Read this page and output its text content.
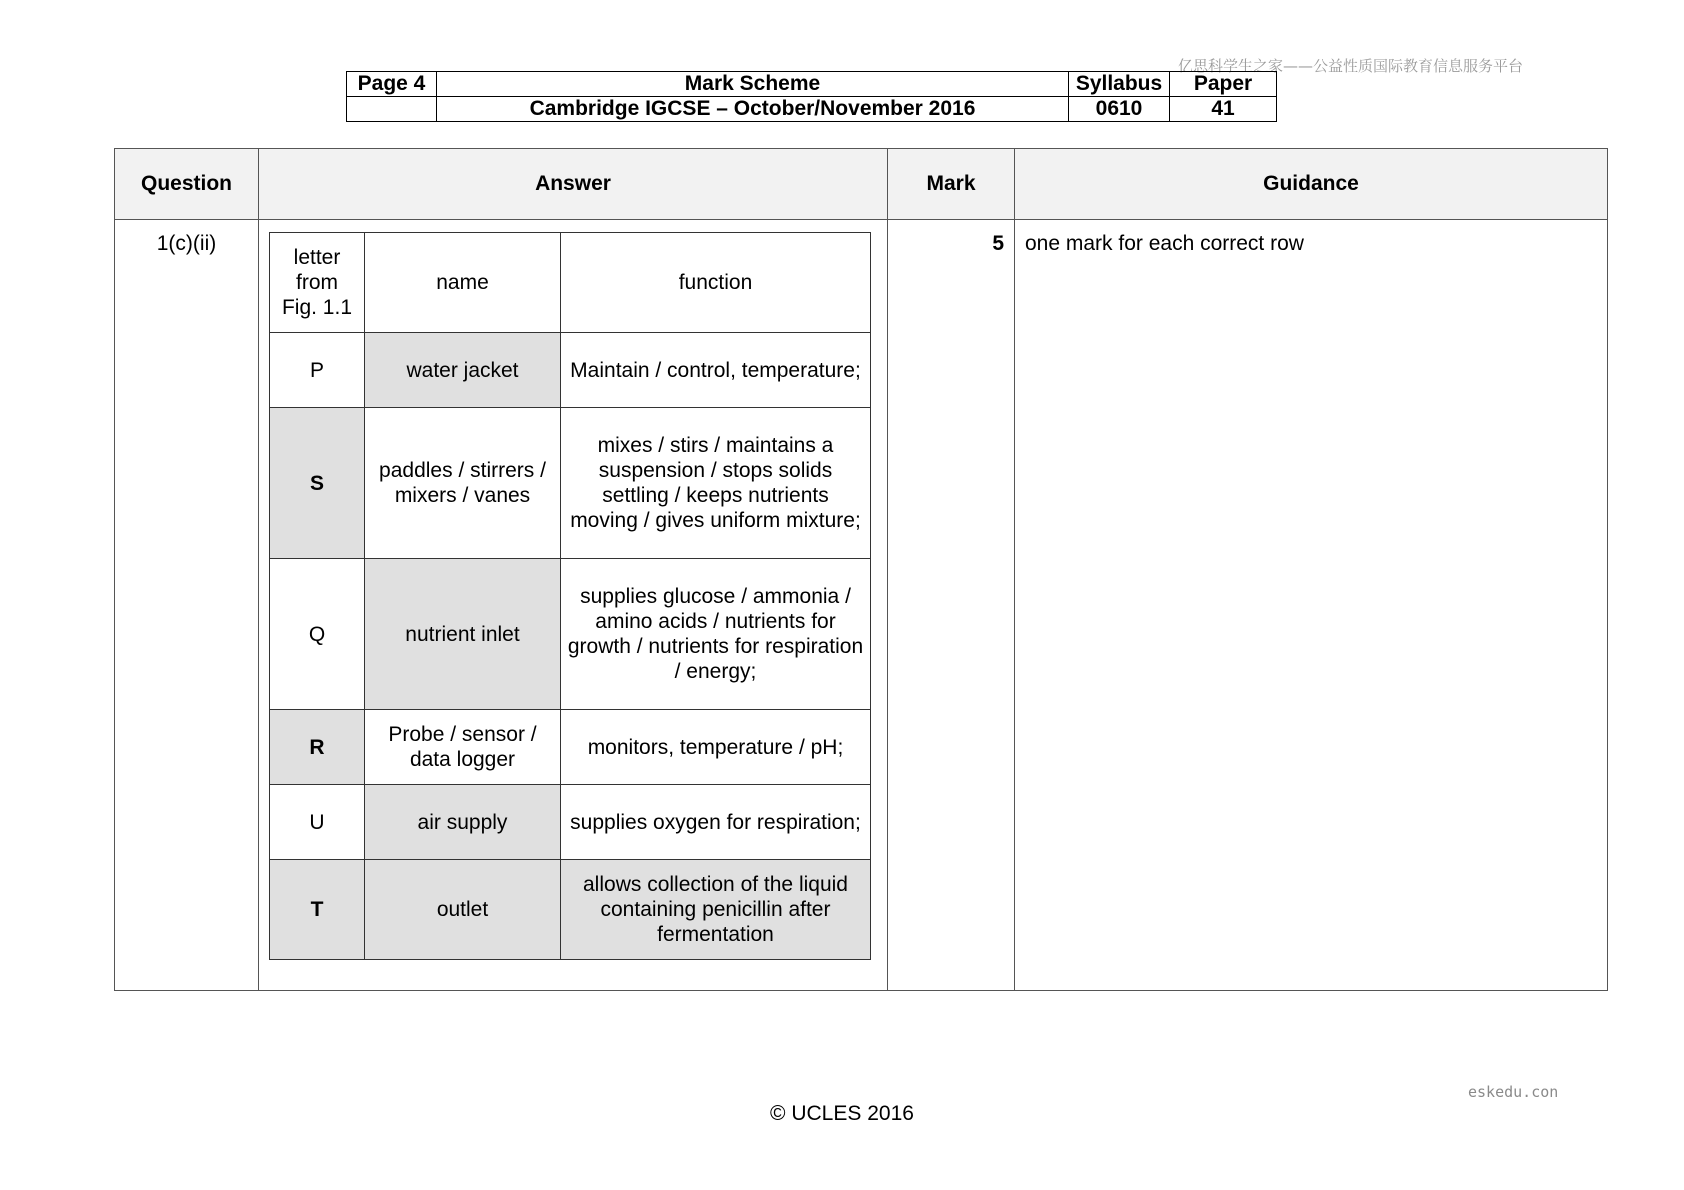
亿思科学生之家——公益性质国际教育信息服务平台
Page 4	Mark Scheme	Syllabus	Paper
	Cambridge IGCSE – October/November 2016	0610	41
Question	Answer	Mark	Guidance
1(c)(ii)	
letter from Fig. 1.1	name	function
P	water jacket	Maintain / control, temperature;
S	paddles / stirrers / mixers / vanes	mixes / stirs / maintains a suspension / stops solids settling / keeps nutrients moving / gives uniform mixture;
Q	nutrient inlet	supplies glucose / ammonia / amino acids / nutrients for growth / nutrients for respiration / energy;
R	Probe / sensor / data logger	monitors, temperature / pH;
U	air supply	supplies oxygen for respiration;
T	outlet	allows collection of the liquid containing penicillin after fermentation
	5	one mark for each correct row
eskedu.con
© UCLES 2016
